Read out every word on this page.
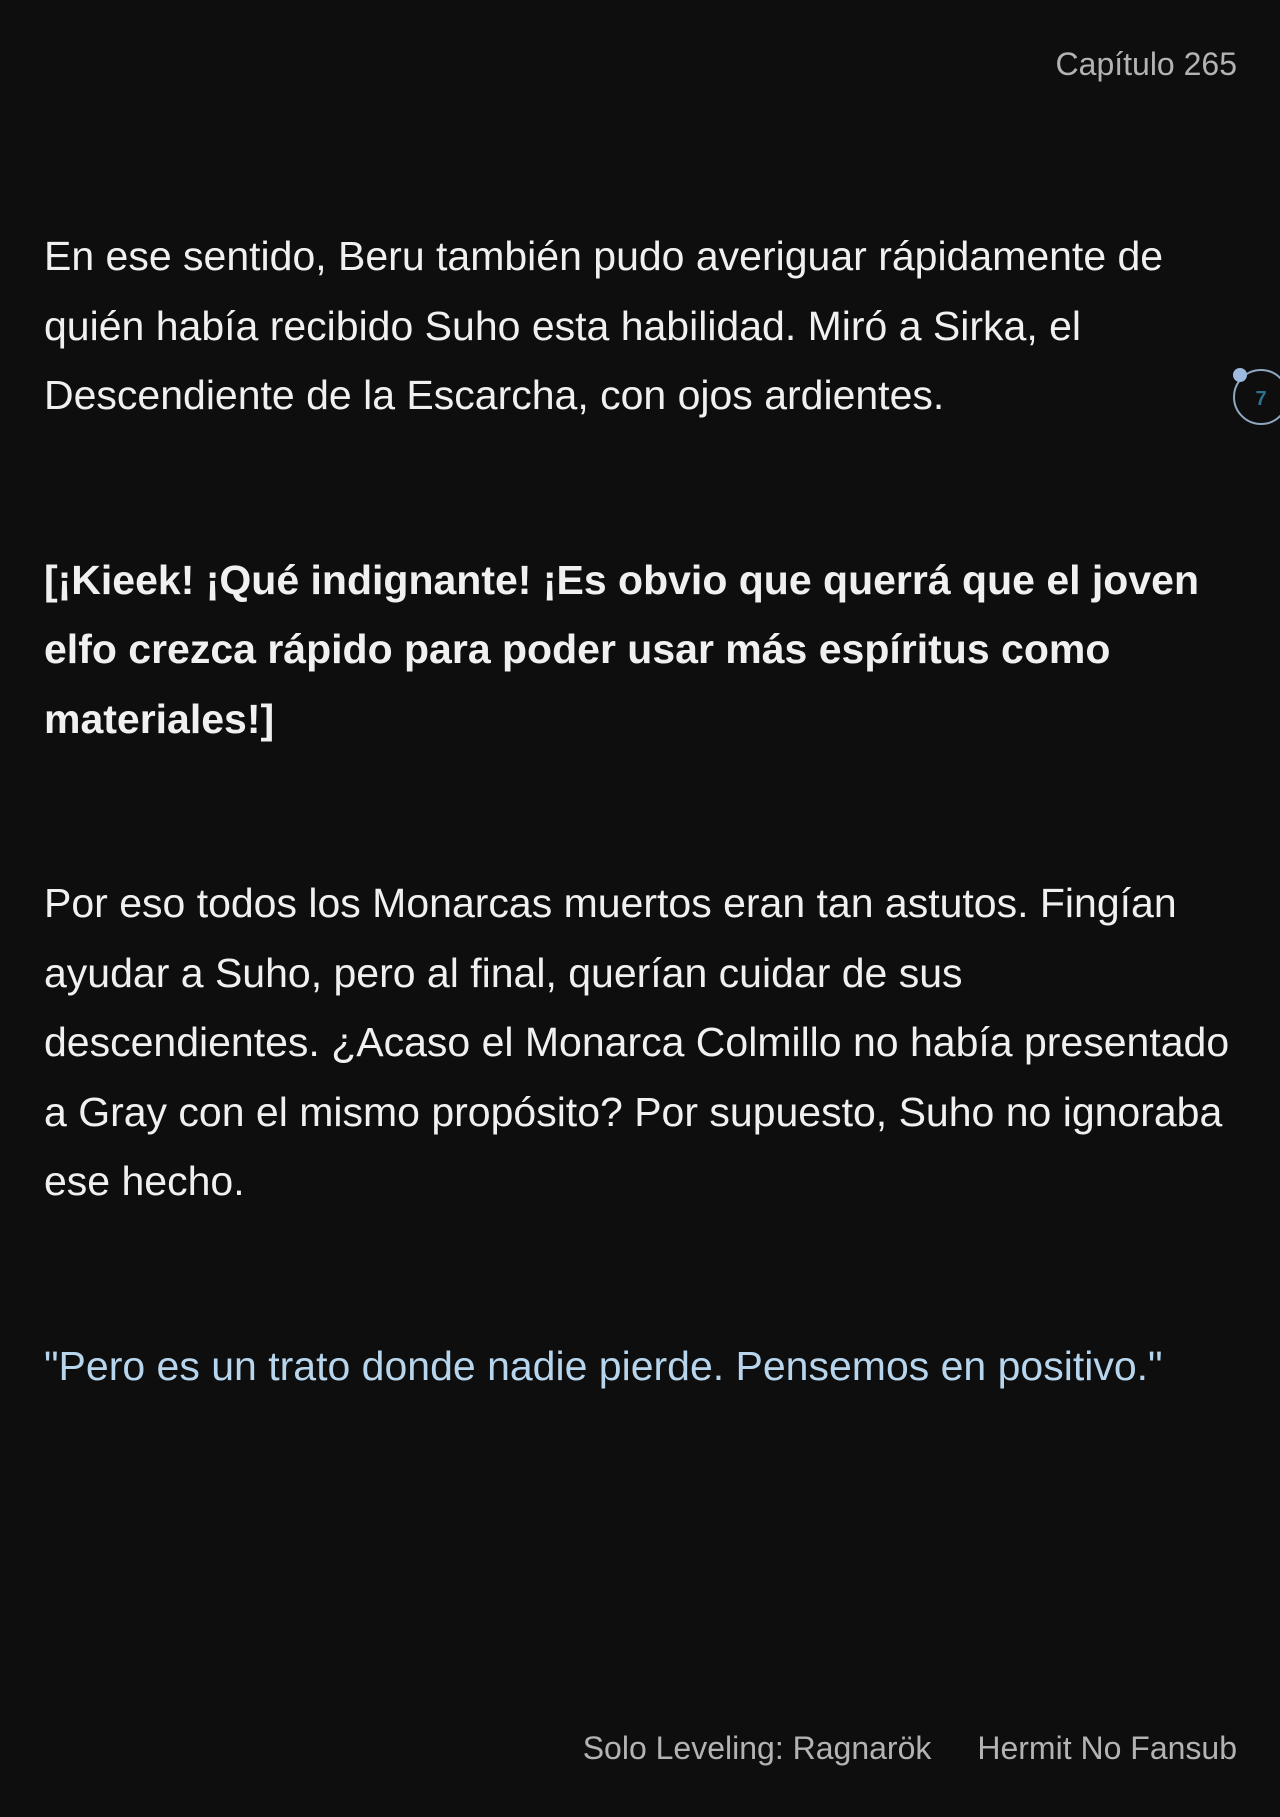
Capítulo 265

En ese sentido, Beru también pudo averiguar rápidamente de quién había recibido Suho esta habilidad. Miró a Sirka, el Descendiente de la Escarcha, con ojos ardientes.

[¡Kieek! ¡Qué indignante! ¡Es obvio que querrá que el joven elfo crezca rápido para poder usar más espíritus como materiales!]

Por eso todos los Monarcas muertos eran tan astutos. Fingían ayudar a Suho, pero al final, querían cuidar de sus descendientes. ¿Acaso el Monarca Colmillo no había presentado a Gray con el mismo propósito? Por supuesto, Suho no ignoraba ese hecho.

"Pero es un trato donde nadie pierde. Pensemos en positivo."

7
Solo Leveling: Ragnarök Hermit No Fansub
